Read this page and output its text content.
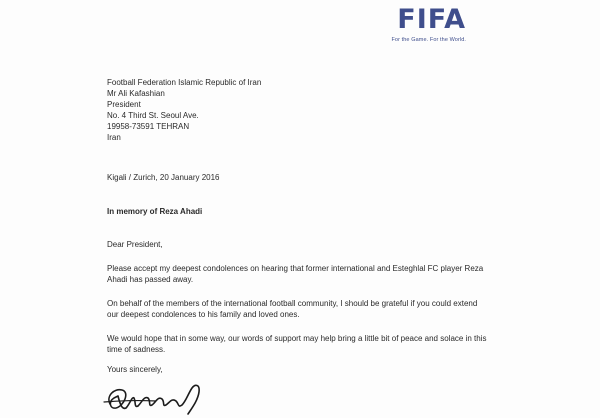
FIFA
For the Game. For the World.
Football Federation Islamic Republic of Iran
Mr Ali Kafashian
President
No. 4 Third St. Seoul Ave.
19958-73591 TEHRAN
Iran
Kigali / Zurich, 20 January 2016
In memory of Reza Ahadi

Dear President,

Please accept my deepest condolences on hearing that former international and Esteghlal FC player Reza Ahadi has passed away.

On behalf of the members of the international football community, I should be grateful if you could extend our deepest condolences to his family and loved ones.

We would hope that in some way, our words of support may help bring a little bit of peace and solace in this time of sadness.

Yours sincerely,
